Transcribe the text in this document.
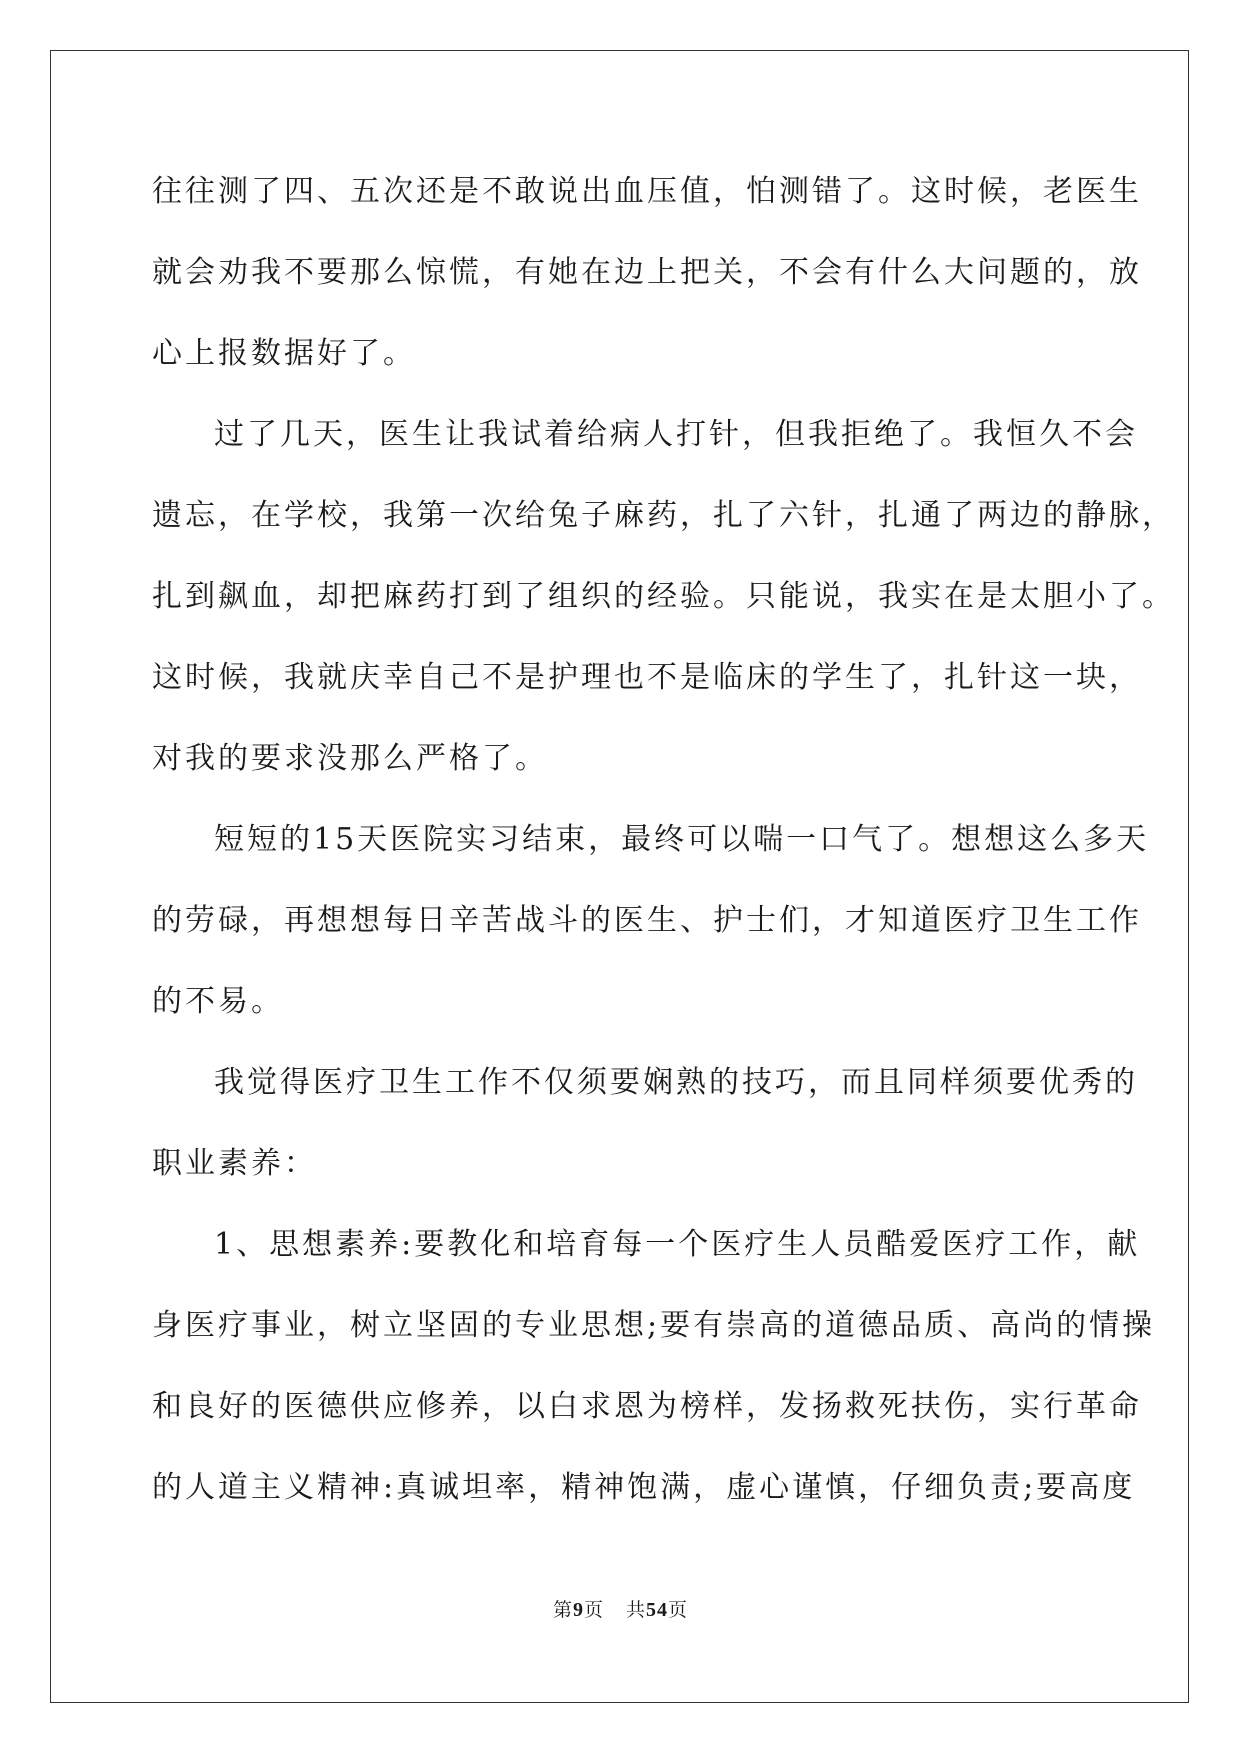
往往测了四、五次还是不敢说出血压值，怕测错了。这时候，老医生
就会劝我不要那么惊慌，有她在边上把关，不会有什么大问题的，放
心上报数据好了。
过了几天，医生让我试着给病人打针，但我拒绝了。我恒久不会
遗忘，在学校，我第一次给兔子麻药，扎了六针，扎通了两边的静脉，
扎到飙血，却把麻药打到了组织的经验。只能说，我实在是太胆小了。
这时候，我就庆幸自己不是护理也不是临床的学生了，扎针这一块，
对我的要求没那么严格了。
短短的15天医院实习结束，最终可以喘一口气了。想想这么多天
的劳碌，再想想每日辛苦战斗的医生、护士们，才知道医疗卫生工作
的不易。
我觉得医疗卫生工作不仅须要娴熟的技巧，而且同样须要优秀的
职业素养：
1、思想素养:要教化和培育每一个医疗生人员酷爱医疗工作，献
身医疗事业，树立坚固的专业思想;要有崇高的道德品质、高尚的情操
和良好的医德供应修养，以白求恩为榜样，发扬救死扶伤，实行革命
的人道主义精神:真诚坦率，精神饱满，虚心谨慎，仔细负责;要高度
第9页 共54页
